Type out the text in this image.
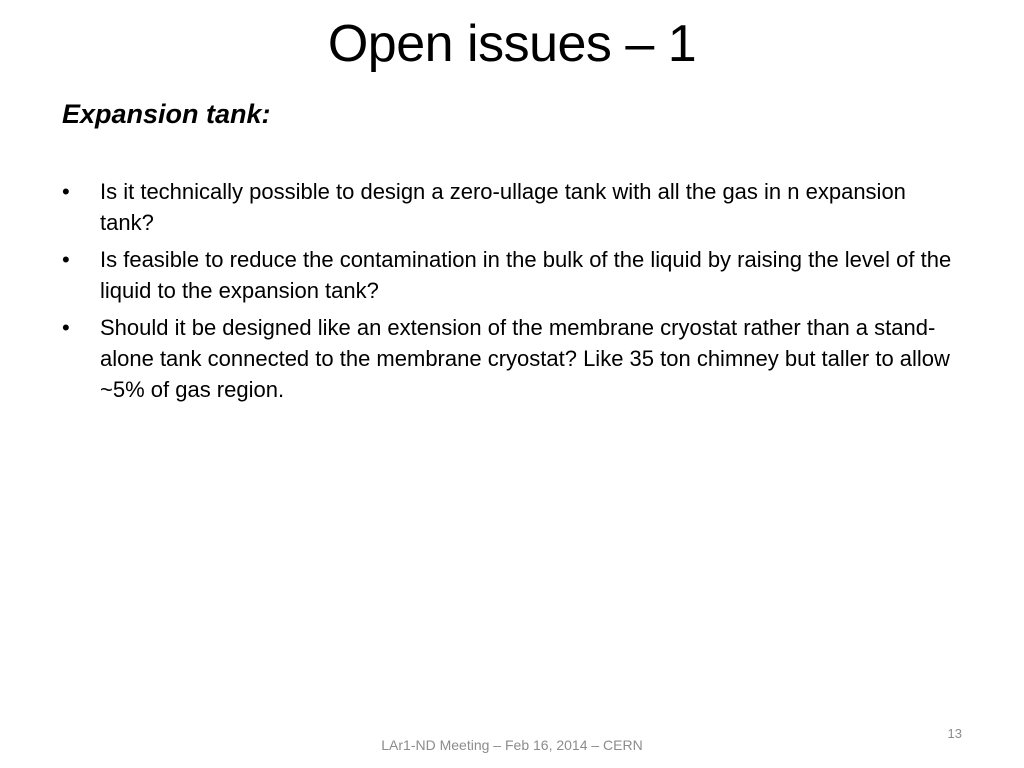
Open issues – 1
Expansion tank:
•	Is it technically possible to design a zero-ullage tank with all the gas in n expansion tank?
•	Is feasible to reduce the contamination in the bulk of the liquid by raising the level of the liquid to the expansion tank?
•	Should it be designed like an extension of the membrane cryostat rather than a stand-alone tank connected to the membrane cryostat? Like 35 ton chimney but taller to allow ~5% of gas region.
13
LAr1-ND Meeting – Feb 16, 2014 – CERN
